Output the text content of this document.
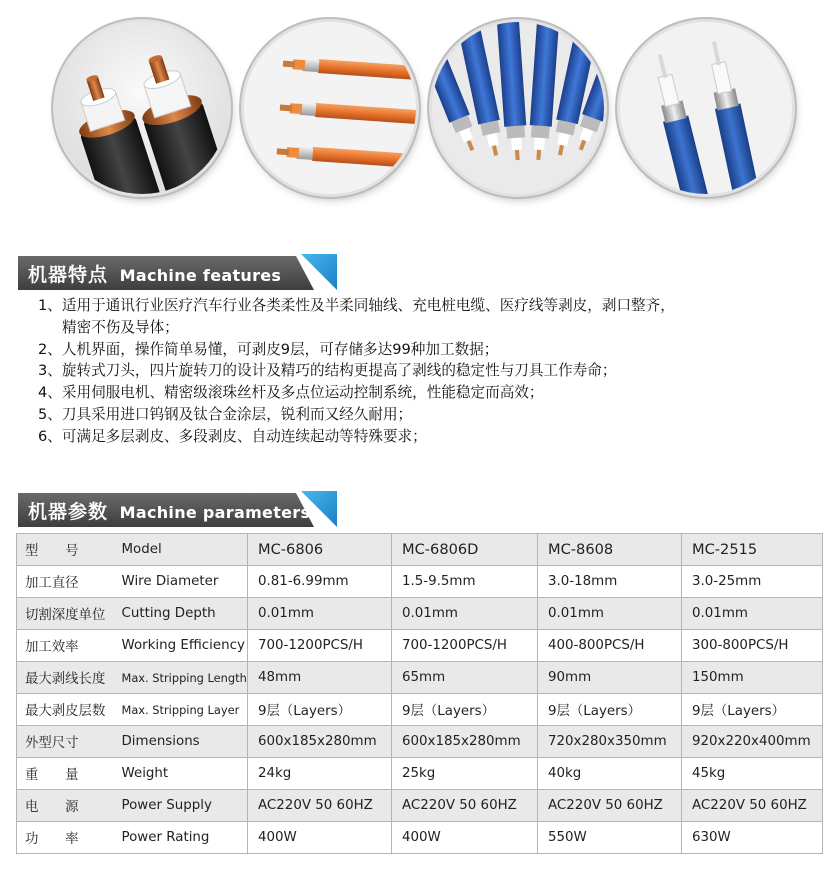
机器特点 Machine features
1、适用于通讯行业医疗汽车行业各类柔性及半柔同轴线、充电桩电缆、医疗线等剥皮，剥口整齐，
精密不伤及导体；
2、人机界面，操作简单易懂，可剥皮9层，可存储多达99种加工数据；
3、旋转式刀头，四片旋转刀的设计及精巧的结构更提高了剥线的稳定性与刀具工作寿命；
4、采用伺服电机、精密级滚珠丝杆及多点位运动控制系统，性能稳定而高效；
5、刀具采用进口钨钢及钛合金涂层，锐利而又经久耐用；
6、可满足多层剥皮、多段剥皮、自动连续起动等特殊要求；
机器参数 Machine parameters
型　　号	Model	MC-6806	MC-6806D	MC-8608	MC-2515
加工直径	Wire Diameter	0.81-6.99mm	1.5-9.5mm	3.0-18mm	3.0-25mm
切割深度单位	Cutting Depth	0.01mm	0.01mm	0.01mm	0.01mm
加工效率	Working Efficiency	700-1200PCS/H	700-1200PCS/H	400-800PCS/H	300-800PCS/H
最大剥线长度	Max. Stripping Length	48mm	65mm	90mm	150mm
最大剥皮层数	Max. Stripping Layer	9层（Layers）	9层（Layers）	9层（Layers）	9层（Layers）
外型尺寸	Dimensions	600x185x280mm	600x185x280mm	720x280x350mm	920x220x400mm
重　　量	Weight	24kg	25kg	40kg	45kg
电　　源	Power Supply	AC220V 50 60HZ	AC220V 50 60HZ	AC220V 50 60HZ	AC220V 50 60HZ
功　　率	Power Rating	400W	400W	550W	630W
